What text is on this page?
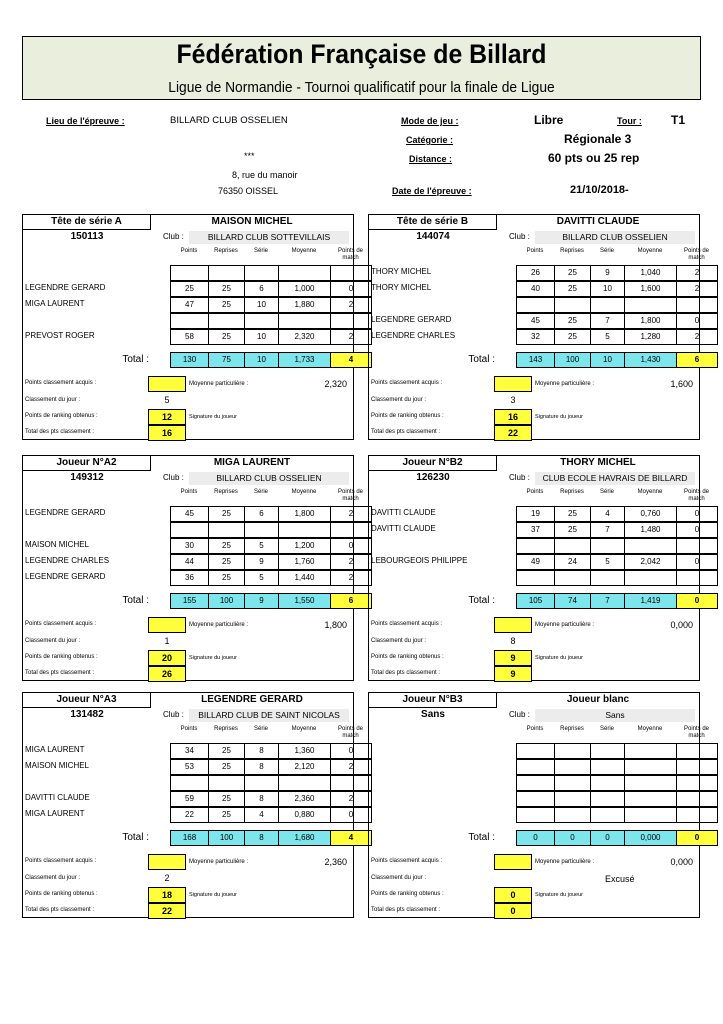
Fédération Française de Billard
Ligue de Normandie - Tournoi qualificatif pour la finale de Ligue
Lieu de l'épreuve :	BILLARD CLUB OSSELIEN
***
8, rue du manoir
76350 OISSEL
Mode de jeu :	Libre	Tour : T1
Catégorie :	Régionale 3
Distance :	60 pts ou 25 rep
Date de l'épreuve :	21/10/2018-
Tête de série A	MAISON MICHEL
150113	Club :	BILLARD CLUB SOTTEVILLAIS
Points	Reprises	Série	Moyenne	Points de match
LEGENDRE GERARD	25	25	6	1,000	0
MIGA LAURENT	47	25	10	1,880	2
PREVOST ROGER	58	25	10	2,320	2
Total :	130	75	10	1,733	4
Points classement acquis :	Moyenne particulière :	2,320
Classement du jour :	5
Points de ranking obtenus :	12	Signature du joueur
Total des pts classement :	16
Tête de série B	DAVITTI CLAUDE
144074	Club :	BILLARD CLUB OSSELIEN
Points	Reprises	Série	Moyenne	Points de match
THORY MICHEL	26	25	9	1,040	2
THORY MICHEL	40	25	10	1,600	2
LEGENDRE GERARD	45	25	7	1,800	0
LEGENDRE CHARLES	32	25	5	1,280	2
Total :	143	100	10	1,430	6
Points classement acquis :	Moyenne particulière :	1,600
Classement du jour :	3
Points de ranking obtenus :	16	Signature du joueur
Total des pts classement :	22
Joueur N°A2	MIGA LAURENT
149312	Club :	BILLARD CLUB OSSELIEN
Points	Reprises	Série	Moyenne	Points de match
LEGENDRE GERARD	45	25	6	1,800	2
MAISON MICHEL	30	25	5	1,200	0
LEGENDRE CHARLES	44	25	9	1,760	2
LEGENDRE GERARD	36	25	5	1,440	2
Total :	155	100	9	1,550	6
Points classement acquis :	Moyenne particulière :	1,800
Classement du jour :	1
Points de ranking obtenus :	20	Signature du joueur
Total des pts classement :	26
Joueur N°B2	THORY MICHEL
126230	Club :	CLUB ECOLE HAVRAIS DE BILLARD
Points	Reprises	Série	Moyenne	Points de match
DAVITTI CLAUDE	19	25	4	0,760	0
DAVITTI CLAUDE	37	25	7	1,480	0
LEBOURGEOIS PHILIPPE	49	24	5	2,042	0
Total :	105	74	7	1,419	0
Points classement acquis :	Moyenne particulière :	0,000
Classement du jour :	8
Points de ranking obtenus :	9	Signature du joueur
Total des pts classement :	9
Joueur N°A3	LEGENDRE GERARD
131482	Club :	BILLARD CLUB DE SAINT NICOLAS
Points	Reprises	Série	Moyenne	Points de match
MIGA LAURENT	34	25	8	1,360	0
MAISON MICHEL	53	25	8	2,120	2
DAVITTI CLAUDE	59	25	8	2,360	2
MIGA LAURENT	22	25	4	0,880	0
Total :	168	100	8	1,680	4
Points classement acquis :	Moyenne particulière :	2,360
Classement du jour :	2
Points de ranking obtenus :	18	Signature du joueur
Total des pts classement :	22
Joueur N°B3	Joueur blanc
Sans	Club :	Sans
Points	Reprises	Série	Moyenne	Points de match
Total :	0	0	0	0,000	0
Points classement acquis :	Moyenne particulière :	0,000
Classement du jour :	Excusé
Points de ranking obtenus :	0	Signature du joueur
Total des pts classement :	0
